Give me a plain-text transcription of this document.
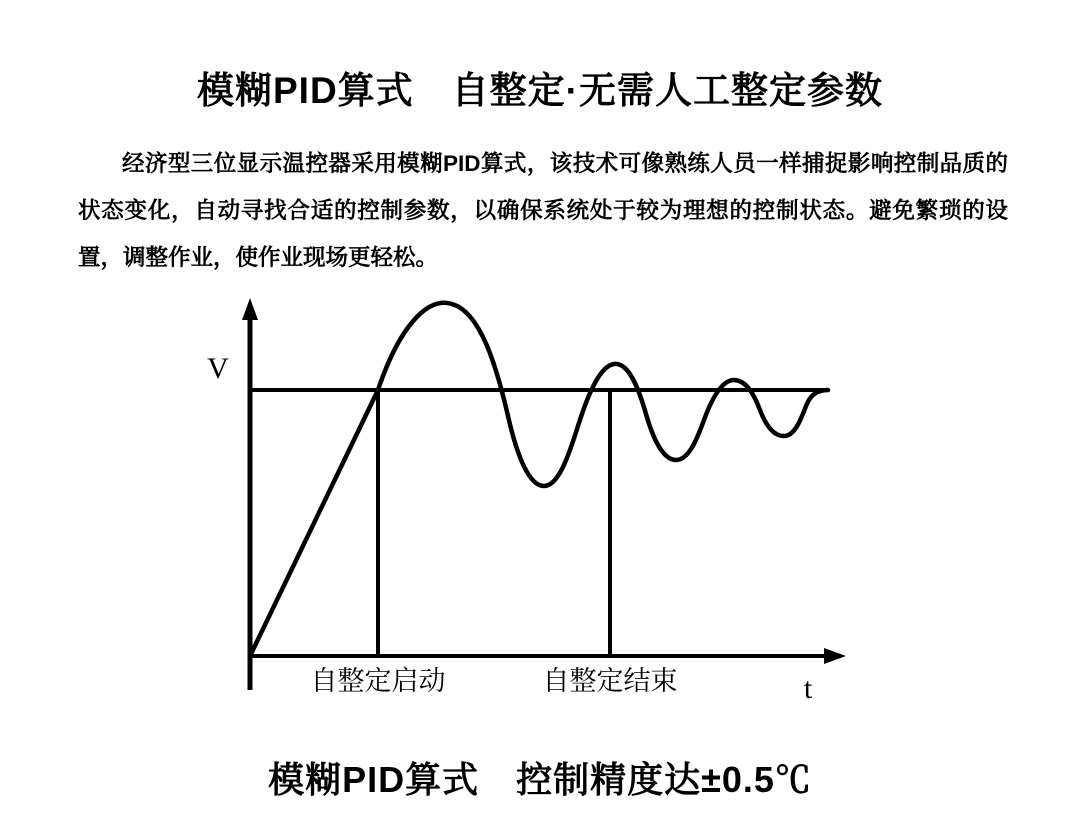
模糊PID算式　自整定·无需人工整定参数
经济型三位显示温控器采用模糊PID算式，该技术可像熟练人员一样捕捉影响控制品质的状态变化，自动寻找合适的控制参数，以确保系统处于较为理想的控制状态。避免繁琐的设置，调整作业，使作业现场更轻松。
V
t
自整定启动	自整定结束
模糊PID算式　控制精度达±0.5℃
